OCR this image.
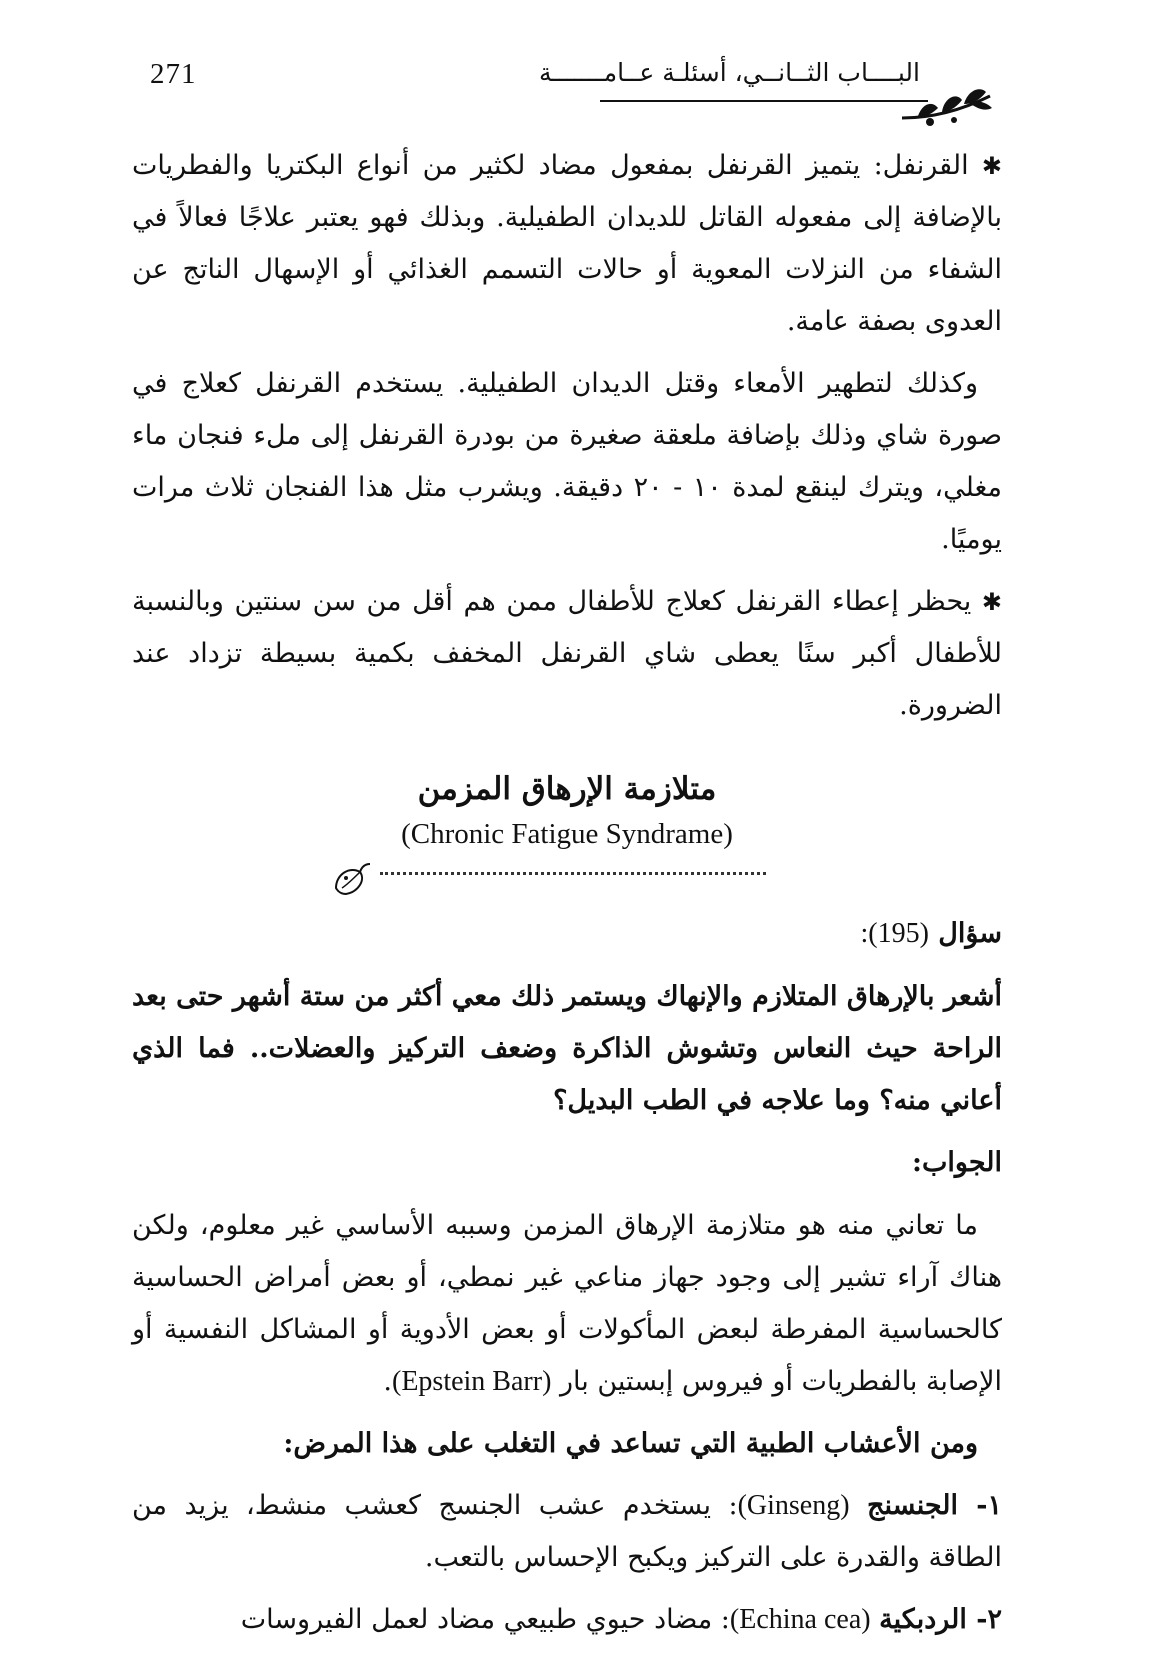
271	البــــاب الثــانــي، أسئلـة عــامـــــــة

✱ القرنفل: يتميز القرنفل بمفعول مضاد لكثير من أنواع البكتريا والفطريات بالإضافة إلى مفعوله القاتل للديدان الطفيلية. وبذلك فهو يعتبر علاجًا فعالاً في الشفاء من النزلات المعوية أو حالات التسمم الغذائي أو الإسهال الناتج عن العدوى بصفة عامة.

وكذلك لتطهير الأمعاء وقتل الديدان الطفيلية. يستخدم القرنفل كعلاج في صورة شاي وذلك بإضافة ملعقة صغيرة من بودرة القرنفل إلى ملء فنجان ماء مغلي، ويترك لينقع لمدة ١٠ - ٢٠ دقيقة. ويشرب مثل هذا الفنجان ثلاث مرات يوميًا.

✱ يحظر إعطاء القرنفل كعلاج للأطفال ممن هم أقل من سن سنتين وبالنسبة للأطفال أكبر سنًا يعطى شاي القرنفل المخفف بكمية بسيطة تزداد عند الضرورة.

متلازمة الإرهاق المزمن
(Chronic Fatigue Syndrame)

سؤال (195):

أشعر بالإرهاق المتلازم والإنهاك ويستمر ذلك معي أكثر من ستة أشهر حتى بعد الراحة حيث النعاس وتشوش الذاكرة وضعف التركيز والعضلات.. فما الذي أعاني منه؟ وما علاجه في الطب البديل؟

الجواب:

ما تعاني منه هو متلازمة الإرهاق المزمن وسببه الأساسي غير معلوم، ولكن هناك آراء تشير إلى وجود جهاز مناعي غير نمطي، أو بعض أمراض الحساسية كالحساسية المفرطة لبعض المأكولات أو بعض الأدوية أو المشاكل النفسية أو الإصابة بالفطريات أو فيروس إبستين بار (Epstein Barr).

ومن الأعشاب الطبية التي تساعد في التغلب على هذا المرض:

١- الجنسنج (Ginseng): يستخدم عشب الجنسج كعشب منشط، يزيد من الطاقة والقدرة على التركيز ويكبح الإحساس بالتعب.

٢- الردبكية (Echina cea): مضاد حيوي طبيعي مضاد لعمل الفيروسات
